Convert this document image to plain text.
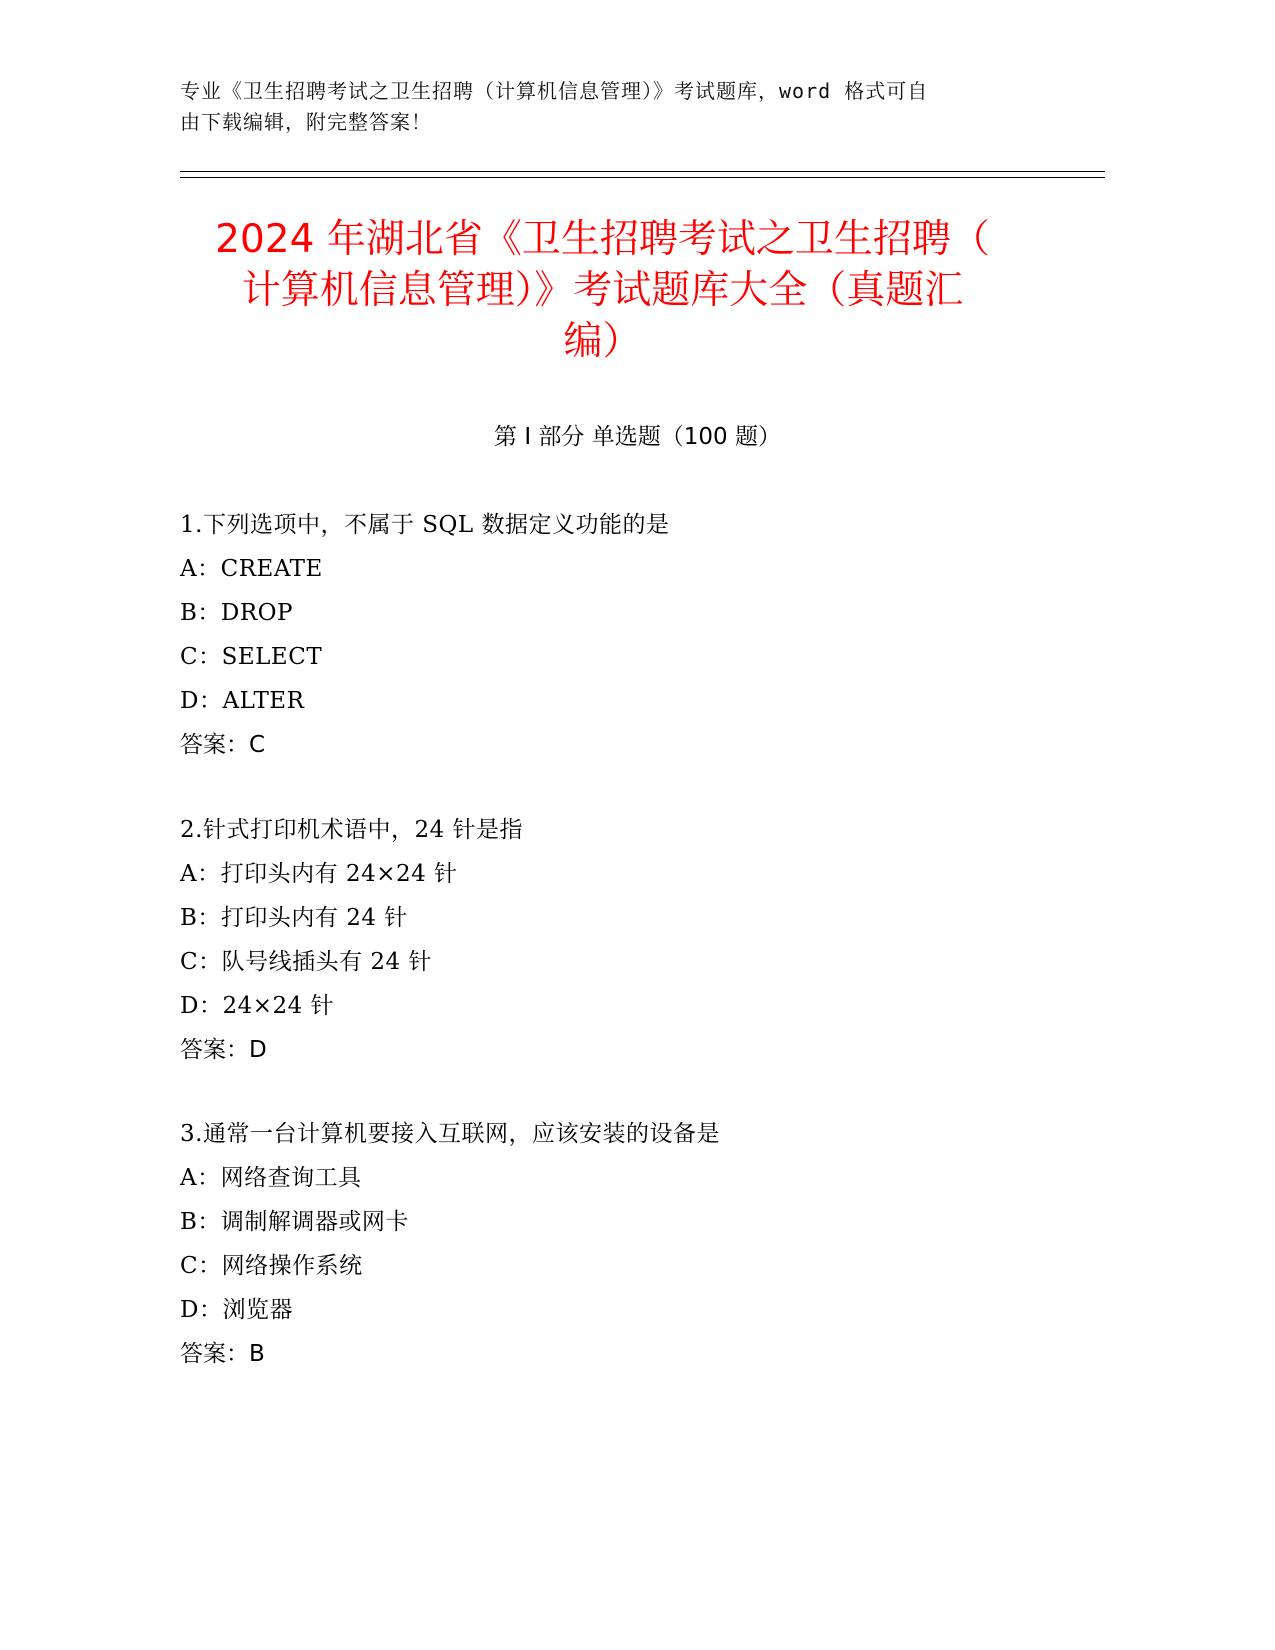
专业《卫生招聘考试之卫生招聘（计算机信息管理）》考试题库，word 格式可自
由下载编辑，附完整答案！
2024 年湖北省《卫生招聘考试之卫生招聘（
计算机信息管理）》考试题库大全（真题汇
编）
第 I 部分 单选题（100 题）
1.下列选项中，不属于 SQL 数据定义功能的是
A：CREATE
B：DROP
C：SELECT
D：ALTER
答案：C
2.针式打印机术语中，24 针是指
A：打印头内有 24×24 针
B：打印头内有 24 针
C：队号线插头有 24 针
D：24×24 针
答案：D
3.通常一台计算机要接入互联网，应该安装的设备是
A：网络查询工具
B：调制解调器或网卡
C：网络操作系统
D：浏览器
答案：B
